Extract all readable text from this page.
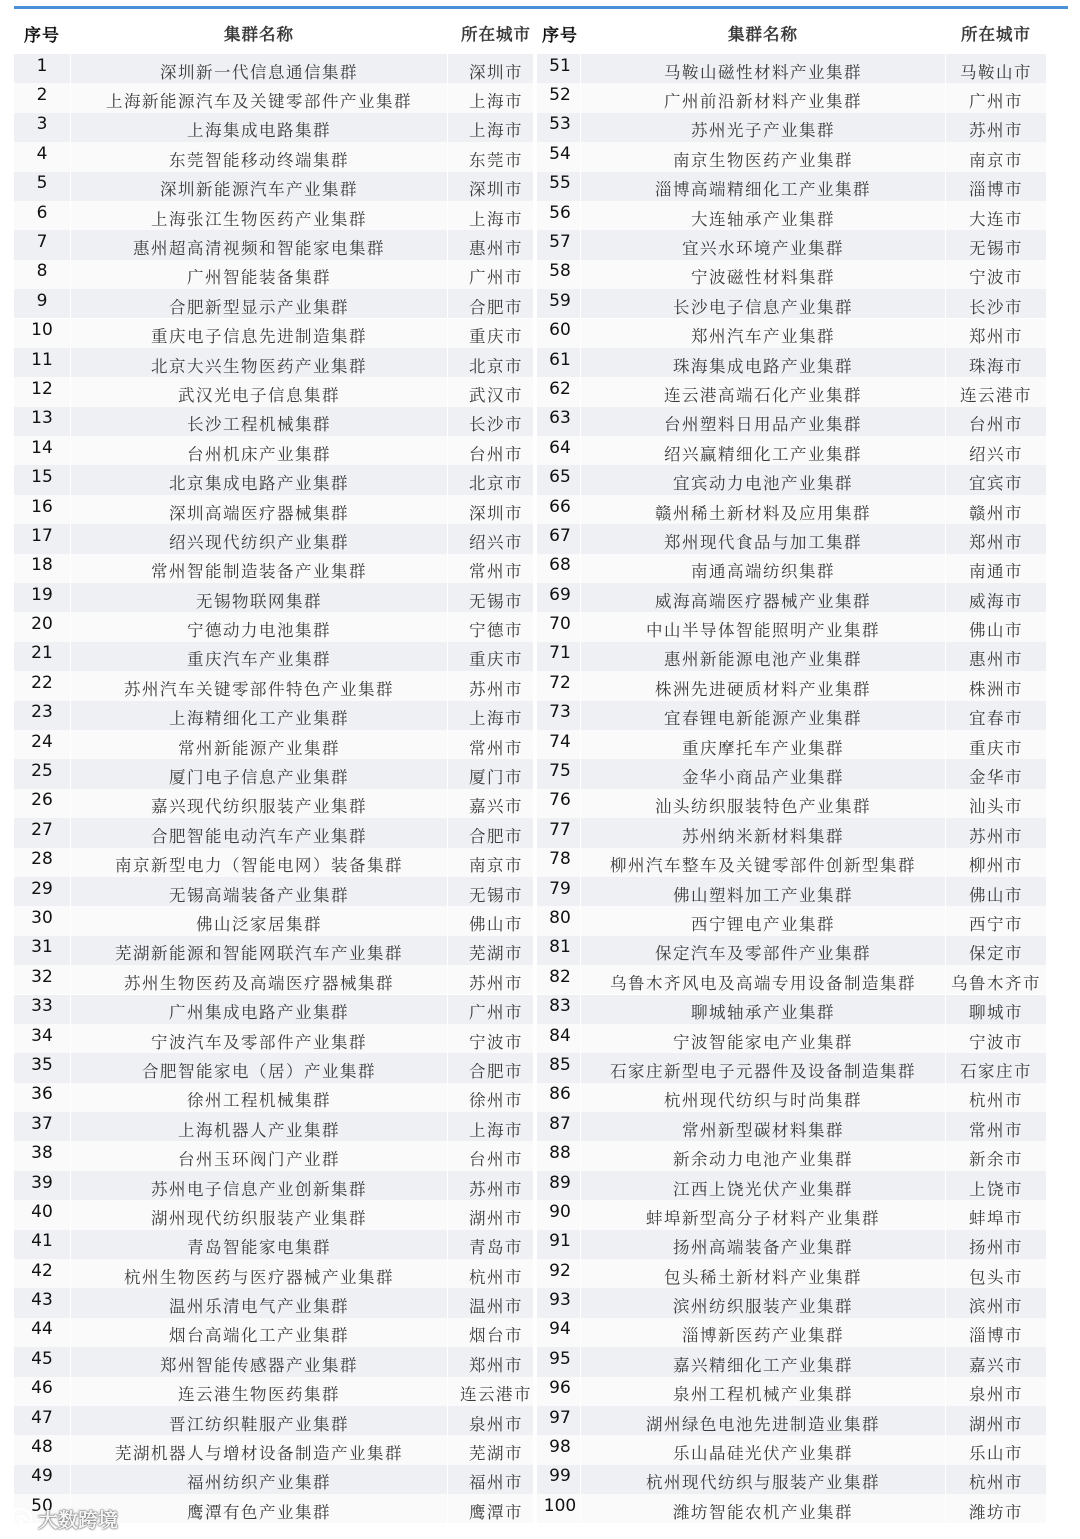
序号	集群名称	所在城市
1	深圳新一代信息通信集群	深圳市
2	上海新能源汽车及关键零部件产业集群	上海市
3	上海集成电路集群	上海市
4	东莞智能移动终端集群	东莞市
5	深圳新能源汽车产业集群	深圳市
6	上海张江生物医药产业集群	上海市
7	惠州超高清视频和智能家电集群	惠州市
8	广州智能装备集群	广州市
9	合肥新型显示产业集群	合肥市
10	重庆电子信息先进制造集群	重庆市
11	北京大兴生物医药产业集群	北京市
12	武汉光电子信息集群	武汉市
13	长沙工程机械集群	长沙市
14	台州机床产业集群	台州市
15	北京集成电路产业集群	北京市
16	深圳高端医疗器械集群	深圳市
17	绍兴现代纺织产业集群	绍兴市
18	常州智能制造装备产业集群	常州市
19	无锡物联网集群	无锡市
20	宁德动力电池集群	宁德市
21	重庆汽车产业集群	重庆市
22	苏州汽车关键零部件特色产业集群	苏州市
23	上海精细化工产业集群	上海市
24	常州新能源产业集群	常州市
25	厦门电子信息产业集群	厦门市
26	嘉兴现代纺织服装产业集群	嘉兴市
27	合肥智能电动汽车产业集群	合肥市
28	南京新型电力（智能电网）装备集群	南京市
29	无锡高端装备产业集群	无锡市
30	佛山泛家居集群	佛山市
31	芜湖新能源和智能网联汽车产业集群	芜湖市
32	苏州生物医药及高端医疗器械集群	苏州市
33	广州集成电路产业集群	广州市
34	宁波汽车及零部件产业集群	宁波市
35	合肥智能家电（居）产业集群	合肥市
36	徐州工程机械集群	徐州市
37	上海机器人产业集群	上海市
38	台州玉环阀门产业群	台州市
39	苏州电子信息产业创新集群	苏州市
40	湖州现代纺织服装产业集群	湖州市
41	青岛智能家电集群	青岛市
42	杭州生物医药与医疗器械产业集群	杭州市
43	温州乐清电气产业集群	温州市
44	烟台高端化工产业集群	烟台市
45	郑州智能传感器产业集群	郑州市
46	连云港生物医药集群	连云港市
47	晋江纺织鞋服产业集群	泉州市
48	芜湖机器人与增材设备制造产业集群	芜湖市
49	福州纺织产业集群	福州市
50	鹰潭有色产业集群	鹰潭市
序号	集群名称	所在城市
51	马鞍山磁性材料产业集群	马鞍山市
52	广州前沿新材料产业集群	广州市
53	苏州光子产业集群	苏州市
54	南京生物医药产业集群	南京市
55	淄博高端精细化工产业集群	淄博市
56	大连轴承产业集群	大连市
57	宜兴水环境产业集群	无锡市
58	宁波磁性材料集群	宁波市
59	长沙电子信息产业集群	长沙市
60	郑州汽车产业集群	郑州市
61	珠海集成电路产业集群	珠海市
62	连云港高端石化产业集群	连云港市
63	台州塑料日用品产业集群	台州市
64	绍兴赢精细化工产业集群	绍兴市
65	宜宾动力电池产业集群	宜宾市
66	赣州稀土新材料及应用集群	赣州市
67	郑州现代食品与加工集群	郑州市
68	南通高端纺织集群	南通市
69	威海高端医疗器械产业集群	威海市
70	中山半导体智能照明产业集群	佛山市
71	惠州新能源电池产业集群	惠州市
72	株洲先进硬质材料产业集群	株洲市
73	宜春锂电新能源产业集群	宜春市
74	重庆摩托车产业集群	重庆市
75	金华小商品产业集群	金华市
76	汕头纺织服装特色产业集群	汕头市
77	苏州纳米新材料集群	苏州市
78	柳州汽车整车及关键零部件创新型集群	柳州市
79	佛山塑料加工产业集群	佛山市
80	西宁锂电产业集群	西宁市
81	保定汽车及零部件产业集群	保定市
82	乌鲁木齐风电及高端专用设备制造集群	乌鲁木齐市
83	聊城轴承产业集群	聊城市
84	宁波智能家电产业集群	宁波市
85	石家庄新型电子元器件及设备制造集群	石家庄市
86	杭州现代纺织与时尚集群	杭州市
87	常州新型碳材料集群	常州市
88	新余动力电池产业集群	新余市
89	江西上饶光伏产业集群	上饶市
90	蚌埠新型高分子材料产业集群	蚌埠市
91	扬州高端装备产业集群	扬州市
92	包头稀土新材料产业集群	包头市
93	滨州纺织服装产业集群	滨州市
94	淄博新医药产业集群	淄博市
95	嘉兴精细化工产业集群	嘉兴市
96	泉州工程机械产业集群	泉州市
97	湖州绿色电池先进制造业集群	湖州市
98	乐山晶硅光伏产业集群	乐山市
99	杭州现代纺织与服装产业集群	杭州市
100	潍坊智能农机产业集群	潍坊市
大数跨境
